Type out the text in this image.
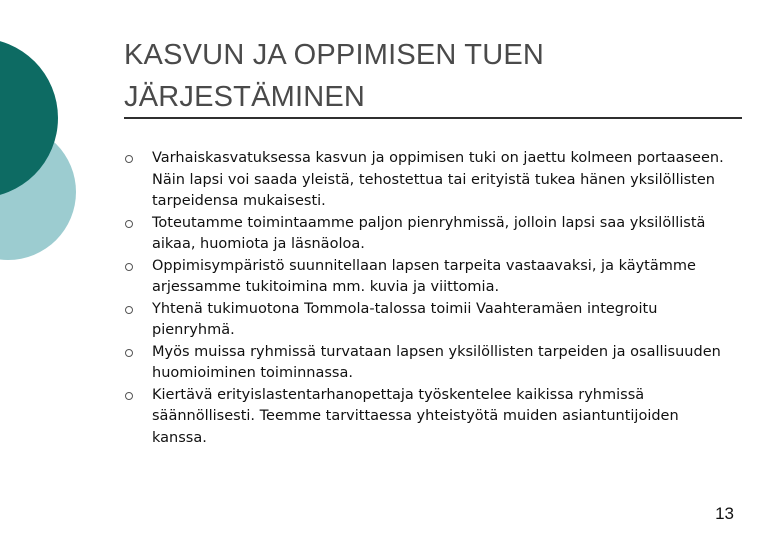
KASVUN JA OPPIMISEN TUEN
JÄRJESTÄMINEN
Varhaiskasvatuksessa kasvun ja oppimisen tuki on jaettu kolmeen portaaseen. Näin lapsi voi saada yleistä, tehostettua tai erityistä tukea hänen yksilöllisten tarpeidensa mukaisesti.
Toteutamme toimintaamme paljon pienryhmissä, jolloin lapsi saa yksilöllistä aikaa, huomiota ja läsnäoloa.
Oppimisympäristö suunnitellaan lapsen tarpeita vastaavaksi, ja käytämme arjessamme tukitoimina mm. kuvia ja viittomia.
Yhtenä tukimuotona Tommola-talossa toimii Vaahteramäen integroitu pienryhmä.
Myös muissa ryhmissä turvataan lapsen yksilöllisten tarpeiden ja osallisuuden huomioiminen toiminnassa.
Kiertävä erityislastentarhanopettaja työskentelee kaikissa ryhmissä säännöllisesti. Teemme tarvittaessa yhteistyötä muiden asiantuntijoiden kanssa.
13
